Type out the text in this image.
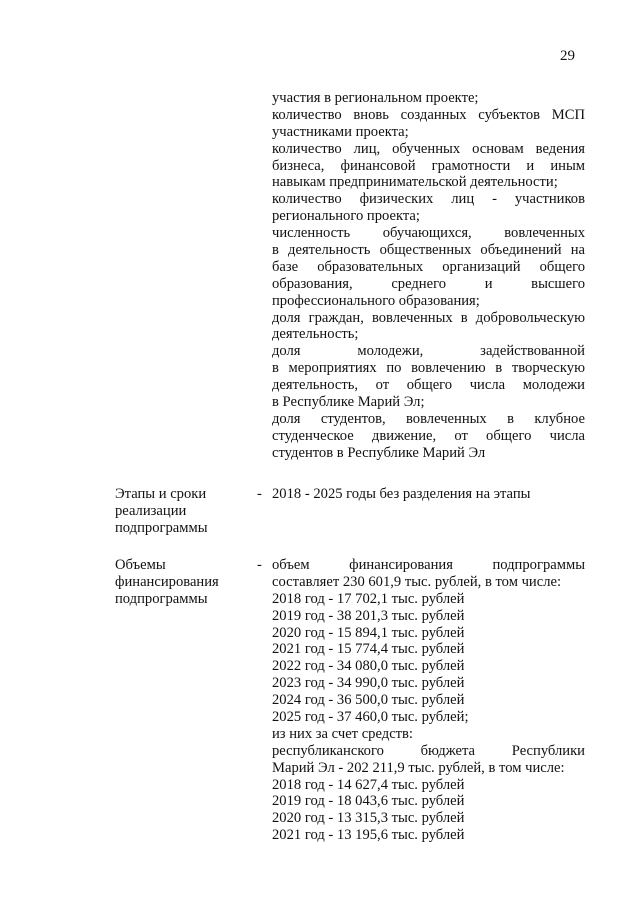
29
участия в региональном проекте;
количество вновь созданных субъектов МСП
участниками проекта;
количество лиц, обученных основам ведения
бизнеса, финансовой грамотности и иным
навыкам предпринимательской деятельности;
количество физических лиц - участников
регионального проекта;
численность обучающихся, вовлеченных
в деятельность общественных объединений на
базе образовательных организаций общего
образования, среднего и высшего
профессионального образования;
доля граждан, вовлеченных в добровольческую
деятельность;
доля молодежи, задействованной
в мероприятиях по вовлечению в творческую
деятельность, от общего числа молодежи
в Республике Марий Эл;
доля студентов, вовлеченных в клубное
студенческое движение, от общего числа
студентов в Республике Марий Эл
Этапы и сроки
реализации
подпрограммы
- 2018 - 2025 годы без разделения на этапы
Объемы
финансирования
подпрограммы
- объем финансирования подпрограммы
составляет 230 601,9 тыс. рублей, в том числе:
2018 год - 17 702,1 тыс. рублей
2019 год - 38 201,3 тыс. рублей
2020 год - 15 894,1 тыс. рублей
2021 год - 15 774,4 тыс. рублей
2022 год - 34 080,0 тыс. рублей
2023 год - 34 990,0 тыс. рублей
2024 год - 36 500,0 тыс. рублей
2025 год - 37 460,0 тыс. рублей;
из них за счет средств:
республиканского бюджета Республики
Марий Эл - 202 211,9 тыс. рублей, в том числе:
2018 год - 14 627,4 тыс. рублей
2019 год - 18 043,6 тыс. рублей
2020 год - 13 315,3 тыс. рублей
2021 год - 13 195,6 тыс. рублей
